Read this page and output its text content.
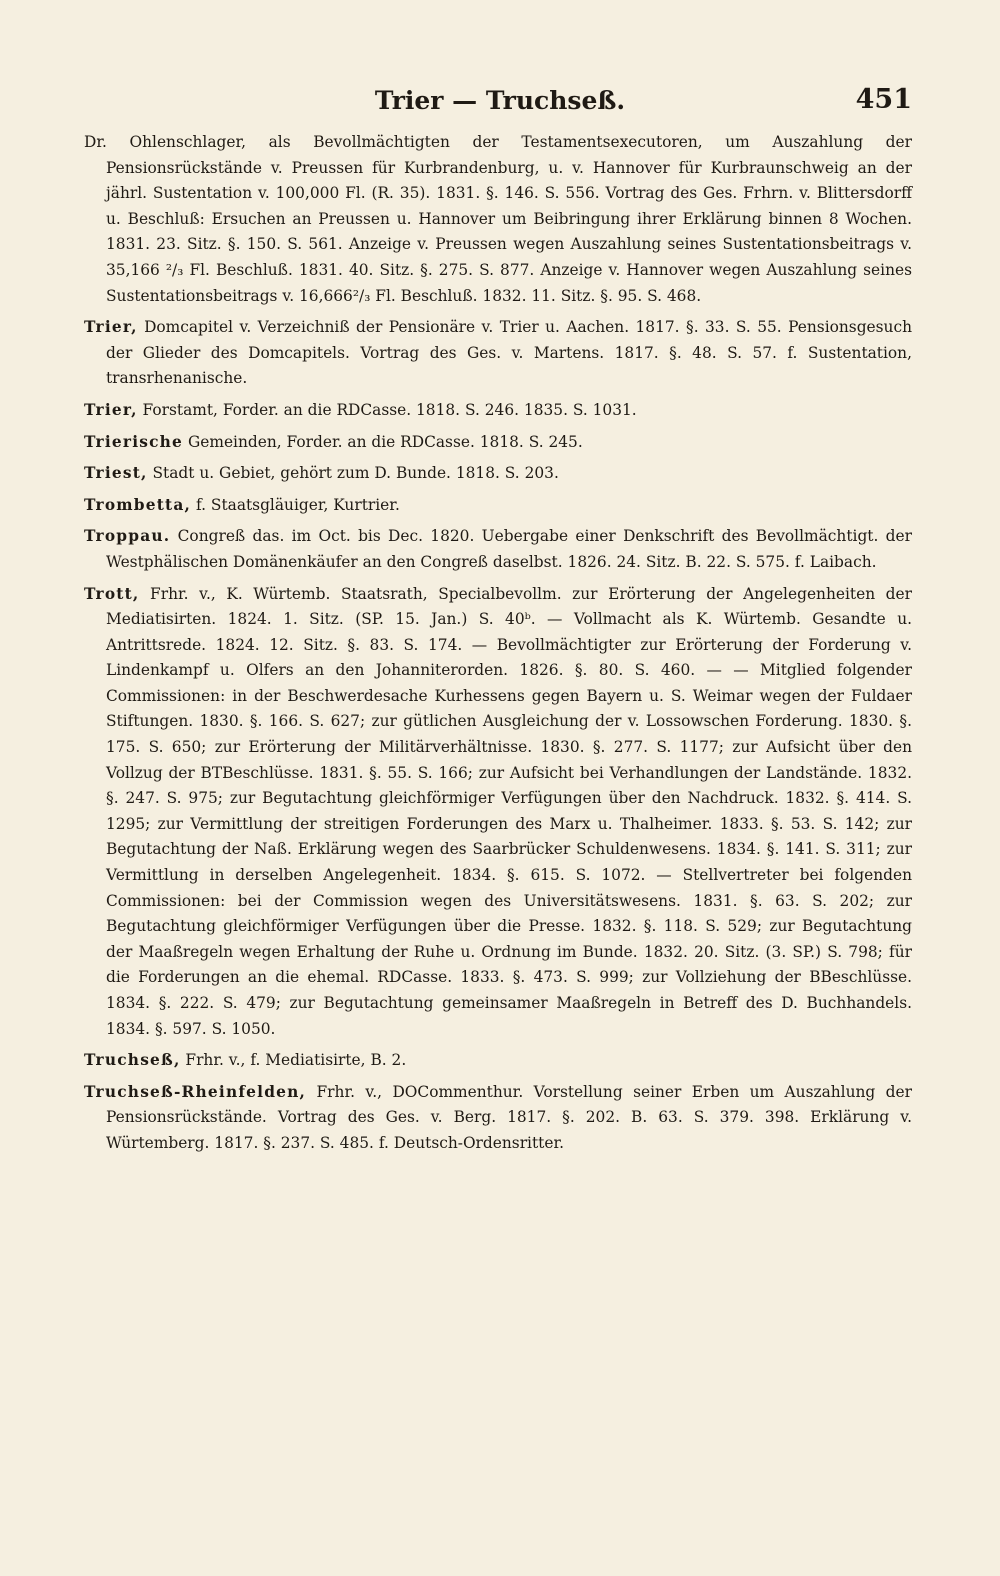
Trier — Truchseß.	451

Dr. Ohlenschlager, als Bevollmächtigten der Testamentsexecutoren, um Auszahlung der Pensionsrückstände v. Preussen für Kurbrandenburg, u. v. Hannover für Kurbraunschweig an der jährl. Sustentation v. 100,000 Fl. (R. 35). 1831. §. 146. S. 556. Vortrag des Ges. Frhrn. v. Blittersdorff u. Beschluß: Ersuchen an Preussen u. Hannover um Beibringung ihrer Erklärung binnen 8 Wochen. 1831. 23. Sitz. §. 150. S. 561. Anzeige v. Preussen wegen Auszahlung seines Sustentationsbeitrags v. 35,166 ²/₃ Fl. Beschluß. 1831. 40. Sitz. §. 275. S. 877. Anzeige v. Hannover wegen Auszahlung seines Sustentationsbeitrags v. 16,666²/₃ Fl. Beschluß. 1832. 11. Sitz. §. 95. S. 468.

Trier, Domcapitel v. Verzeichniß der Pensionäre v. Trier u. Aachen. 1817. §. 33. S. 55. Pensionsgesuch der Glieder des Domcapitels. Vortrag des Ges. v. Martens. 1817. §. 48. S. 57. f. Sustentation, transrhenanische.

Trier, Forstamt, Forder. an die RDCasse. 1818. S. 246. 1835. S. 1031.

Trierische Gemeinden, Forder. an die RDCasse. 1818. S. 245.

Triest, Stadt u. Gebiet, gehört zum D. Bunde. 1818. S. 203.

Trombetta, f. Staatsgläuiger, Kurtrier.

Troppau. Congreß das. im Oct. bis Dec. 1820. Uebergabe einer Denkschrift des Bevollmächtigt. der Westphälischen Domänenkäufer an den Congreß daselbst. 1826. 24. Sitz. B. 22. S. 575. f. Laibach.

Trott, Frhr. v., K. Würtemb. Staatsrath, Specialbevollm. zur Erörterung der Angelegenheiten der Mediatisirten. 1824. 1. Sitz. (SP. 15. Jan.) S. 40ᵇ. — Vollmacht als K. Würtemb. Gesandte u. Antrittsrede. 1824. 12. Sitz. §. 83. S. 174. — Bevollmächtigter zur Erörterung der Forderung v. Lindenkampf u. Olfers an den Johanniterorden. 1826. §. 80. S. 460. — — Mitglied folgender Commissionen: in der Beschwerdesache Kurhessens gegen Bayern u. S. Weimar wegen der Fuldaer Stiftungen. 1830. §. 166. S. 627; zur gütlichen Ausgleichung der v. Lossowschen Forderung. 1830. §. 175. S. 650; zur Erörterung der Militärverhältnisse. 1830. §. 277. S. 1177; zur Aufsicht über den Vollzug der BTBeschlüsse. 1831. §. 55. S. 166; zur Aufsicht bei Verhandlungen der Landstände. 1832. §. 247. S. 975; zur Begutachtung gleichförmiger Verfügungen über den Nachdruck. 1832. §. 414. S. 1295; zur Vermittlung der streitigen Forderungen des Marx u. Thalheimer. 1833. §. 53. S. 142; zur Begutachtung der Naß. Erklärung wegen des Saarbrücker Schuldenwesens. 1834. §. 141. S. 311; zur Vermittlung in derselben Angelegenheit. 1834. §. 615. S. 1072. — Stellvertreter bei folgenden Commissionen: bei der Commission wegen des Universitätswesens. 1831. §. 63. S. 202; zur Begutachtung gleichförmiger Verfügungen über die Presse. 1832. §. 118. S. 529; zur Begutachtung der Maaßregeln wegen Erhaltung der Ruhe u. Ordnung im Bunde. 1832. 20. Sitz. (3. SP.) S. 798; für die Forderungen an die ehemal. RDCasse. 1833. §. 473. S. 999; zur Vollziehung der BBeschlüsse. 1834. §. 222. S. 479; zur Begutachtung gemeinsamer Maaßregeln in Betreff des D. Buchhandels. 1834. §. 597. S. 1050.

Truchseß, Frhr. v., f. Mediatisirte, B. 2.

Truchseß-Rheinfelden, Frhr. v., DOCommenthur. Vorstellung seiner Erben um Auszahlung der Pensionsrückstände. Vortrag des Ges. v. Berg. 1817. §. 202. B. 63. S. 379. 398. Erklärung v. Würtemberg. 1817. §. 237. S. 485. f. Deutsch-Ordensritter.
